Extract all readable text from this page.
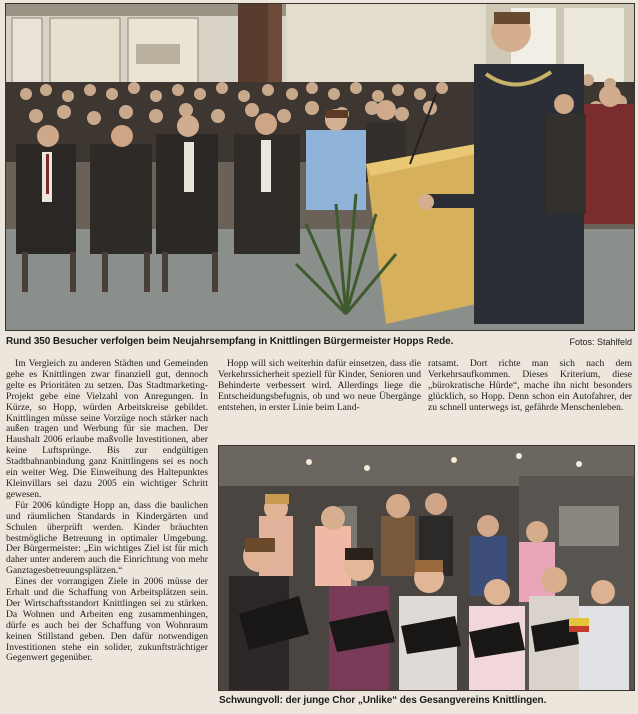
Rund 350 Besucher verfolgen beim Neujahrsempfang in Knittlingen Bürgermeister Hopps Rede.	Fotos: Stahlfeld

Im Vergleich zu anderen Städten und Gemeinden gehe es Knittlingen zwar finanziell gut, dennoch gelte es Prioritäten zu setzen. Das Stadtmarketing-Projekt gebe eine Vielzahl von Anregungen. In Kürze, so Hopp, würden Arbeitskreise gebildet. Knittlingen müsse seine Vorzüge noch stärker nach außen tragen und Werbung für sie machen. Der Haushalt 2006 erlaube maßvolle Investitionen, aber keine Luftsprünge. Bis zur endgültigen Stadtbahnanbindung ganz Knittlingens sei es noch ein weiter Weg. Die Einweihung des Haltepunktes Kleinvillars sei dazu 2005 ein wichtiger Schritt gewesen.

Für 2006 kündigte Hopp an, dass die baulichen und räumlichen Standards in Kindergärten und Schulen überprüft werden. Kinder bräuchten bestmögliche Betreuung in optimaler Umgebung. Der Bürgermeister: „Ein wichtiges Ziel ist für mich daher unter anderem auch die Einrichtung von mehr Ganztagesbetreuungsplätzen.“

Eines der vorrangigen Ziele in 2006 müsse der Erhalt und die Schaffung von Arbeitsplätzen sein. Der Wirtschaftsstandort Knittlingen sei zu stärken. Da Wohnen und Arbeiten eng zusammenhingen, dürfe es auch bei der Schaffung von Wohnraum keinen Stillstand geben. Den dafür notwendigen Investitionen stehe ein solider, zukunftsträchtiger Gegenwert gegenüber.

Hopp will sich weiterhin dafür einsetzen, dass die Verkehrssicherheit speziell für Kinder, Senioren und Behinderte verbessert wird. Allerdings liege die Entscheidungsbefugnis, ob und wo neue Übergänge entstehen, in erster Linie beim Land-

ratsamt. Dort richte man sich nach dem Verkehrsaufkommen. Dieses Kriterium, diese „bürokratische Hürde“, mache ihn nicht besonders glücklich, so Hopp. Denn schon ein Autofahrer, der zu schnell unterwegs ist, gefährde Menschenleben.

Schwungvoll: der junge Chor „Unlike“ des Gesangvereins Knittlingen.
